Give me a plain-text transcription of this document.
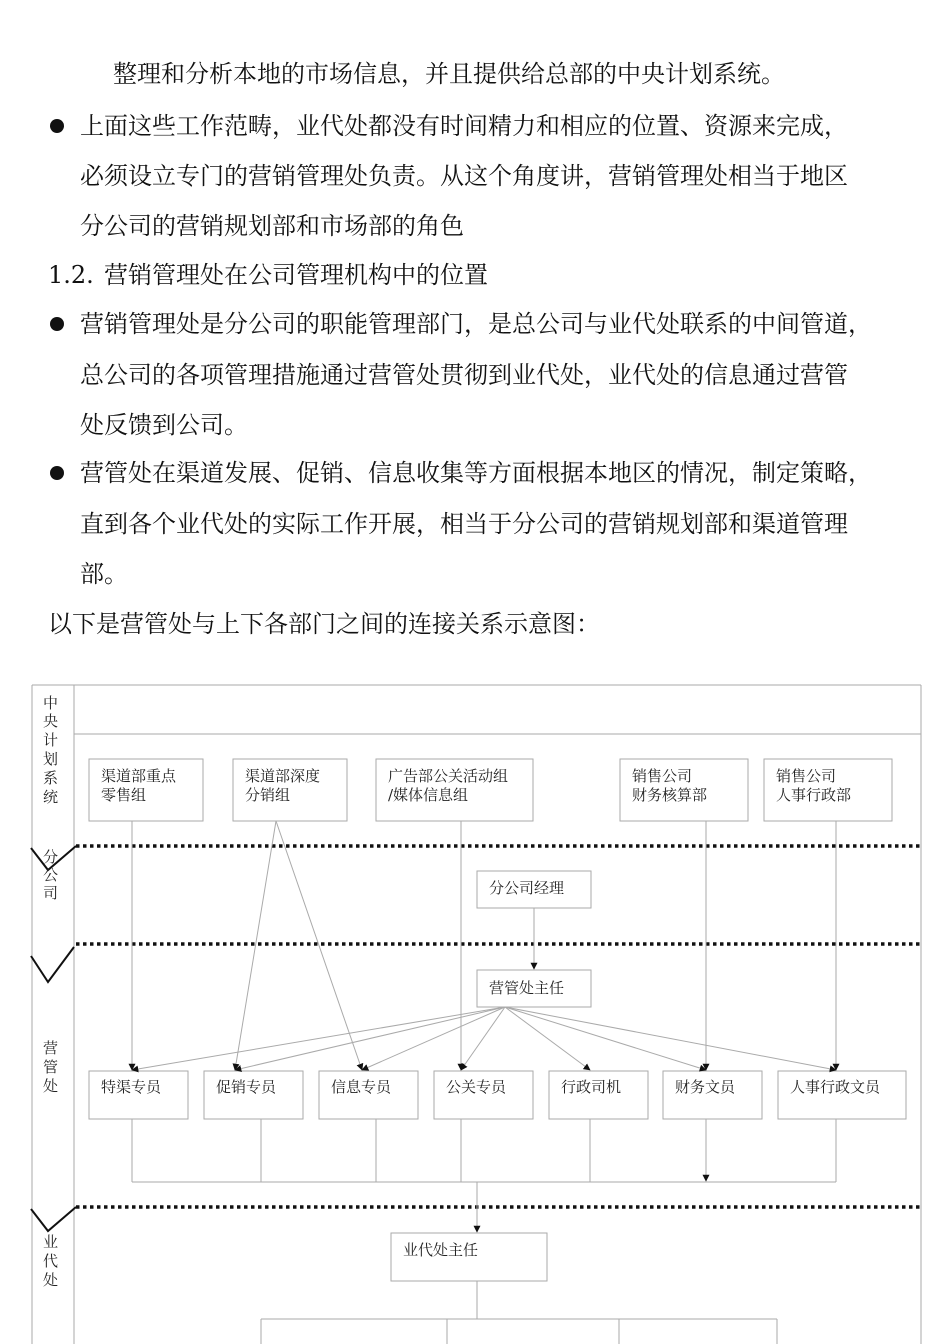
整理和分析本地的市场信息，并且提供给总部的中央计划系统。
上面这些工作范畴，业代处都没有时间精力和相应的位置、资源来完成，
必须设立专门的营销管理处负责。从这个角度讲，营销管理处相当于地区
分公司的营销规划部和市场部的角色
1.2. 营销管理处在公司管理机构中的位置
营销管理处是分公司的职能管理部门，是总公司与业代处联系的中间管道，
总公司的各项管理措施通过营管处贯彻到业代处，业代处的信息通过营管
处反馈到公司。
营管处在渠道发展、促销、信息收集等方面根据本地区的情况，制定策略，
直到各个业代处的实际工作开展，相当于分公司的营销规划部和渠道管理
部。
以下是营管处与上下各部门之间的连接关系示意图：
中
央
计
划
系
统
分
公
司
营
管
处
业
代
处
渠道部重点
零售组
渠道部深度
分销组
广告部公关活动组
/媒体信息组
销售公司
财务核算部
销售公司
人事行政部
分公司经理
营管处主任
特渠专员	促销专员	信息专员	公关专员	行政司机	财务文员	人事行政文员
业代处主任
